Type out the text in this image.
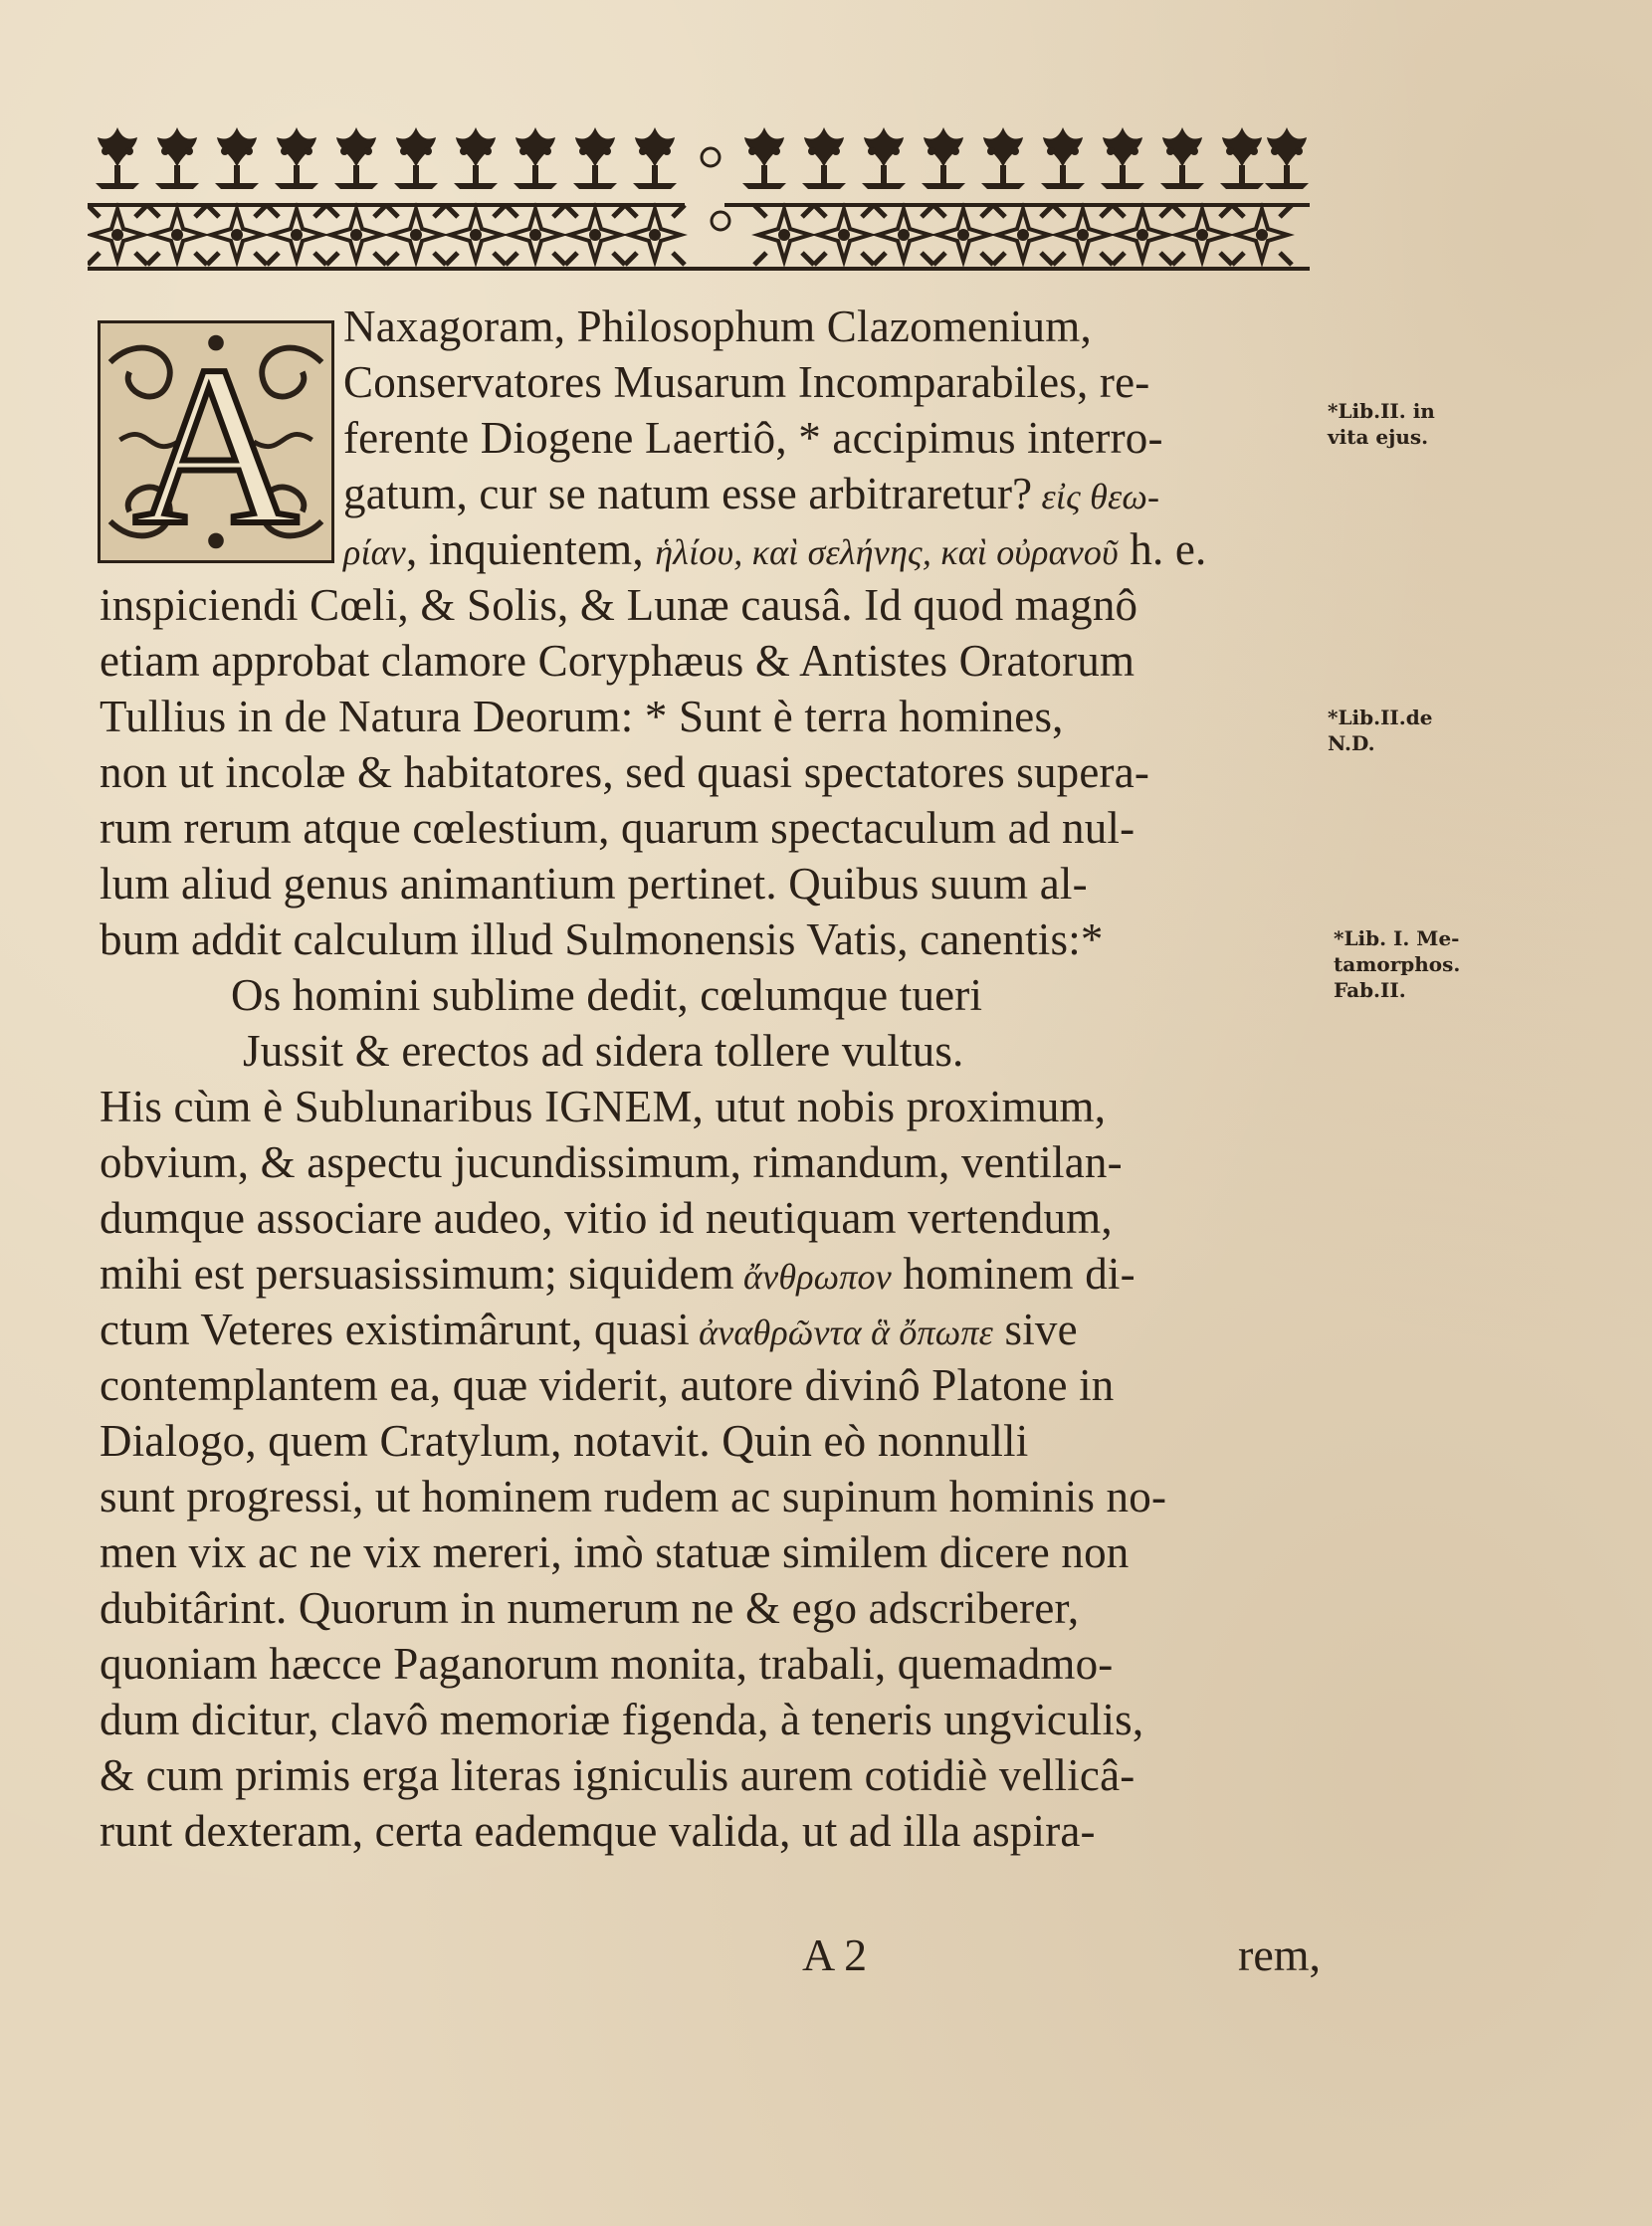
A Naxagoram, Philosophum Clazomenium,
Conservatores Musarum Incomparabiles, re-
ferente Diogene Laertiô, * accipimus interro-
gatum, cur se natum esse arbitraretur? εἰς θεω-
ρίαν, inquientem, ἡλίου, καὶ σελήνης, καὶ οὐρανοῦ h. e.
inspiciendi Cœli, & Solis, & Lunæ causâ. Id quod magnô
etiam approbat clamore Coryphæus & Antistes Oratorum
Tullius in de Natura Deorum: * Sunt è terra homines,
non ut incolæ & habitatores, sed quasi spectatores supera-
rum rerum atque cœlestium, quarum spectaculum ad nul-
lum aliud genus animantium pertinet. Quibus suum al-
bum addit calculum illud Sulmonensis Vatis, canentis:*
Os homini sublime dedit, cœlumque tueri
Jussit & erectos ad sidera tollere vultus.
His cùm è Sublunaribus IGNEM, utut nobis proximum,
obvium, & aspectu jucundissimum, rimandum, ventilan-
dumque associare audeo, vitio id neutiquam vertendum,
mihi est persuasissimum; siquidem ἄνθρωπον hominem di-
ctum Veteres existimârunt, quasi ἀναθρῶντα ἃ ὄπωπε sive
contemplantem ea, quæ viderit, autore divinô Platone in
Dialogo, quem Cratylum, notavit. Quin eò nonnulli
sunt progressi, ut hominem rudem ac supinum hominis no-
men vix ac ne vix mereri, imò statuæ similem dicere non
dubitârint. Quorum in numerum ne & ego adscriberer,
quoniam hæcce Paganorum monita, trabali, quemadmo-
dum dicitur, clavô memoriæ figenda, à teneris ungviculis,
& cum primis erga literas igniculis aurem cotidiè vellicâ-
runt dexteram, certa eademque valida, ut ad illa aspira-
*Lib.II. in
vita ejus.
*Lib.II.de
N.D.
*Lib. I. Me-
tamorphos.
Fab.II.
A 2	rem,
